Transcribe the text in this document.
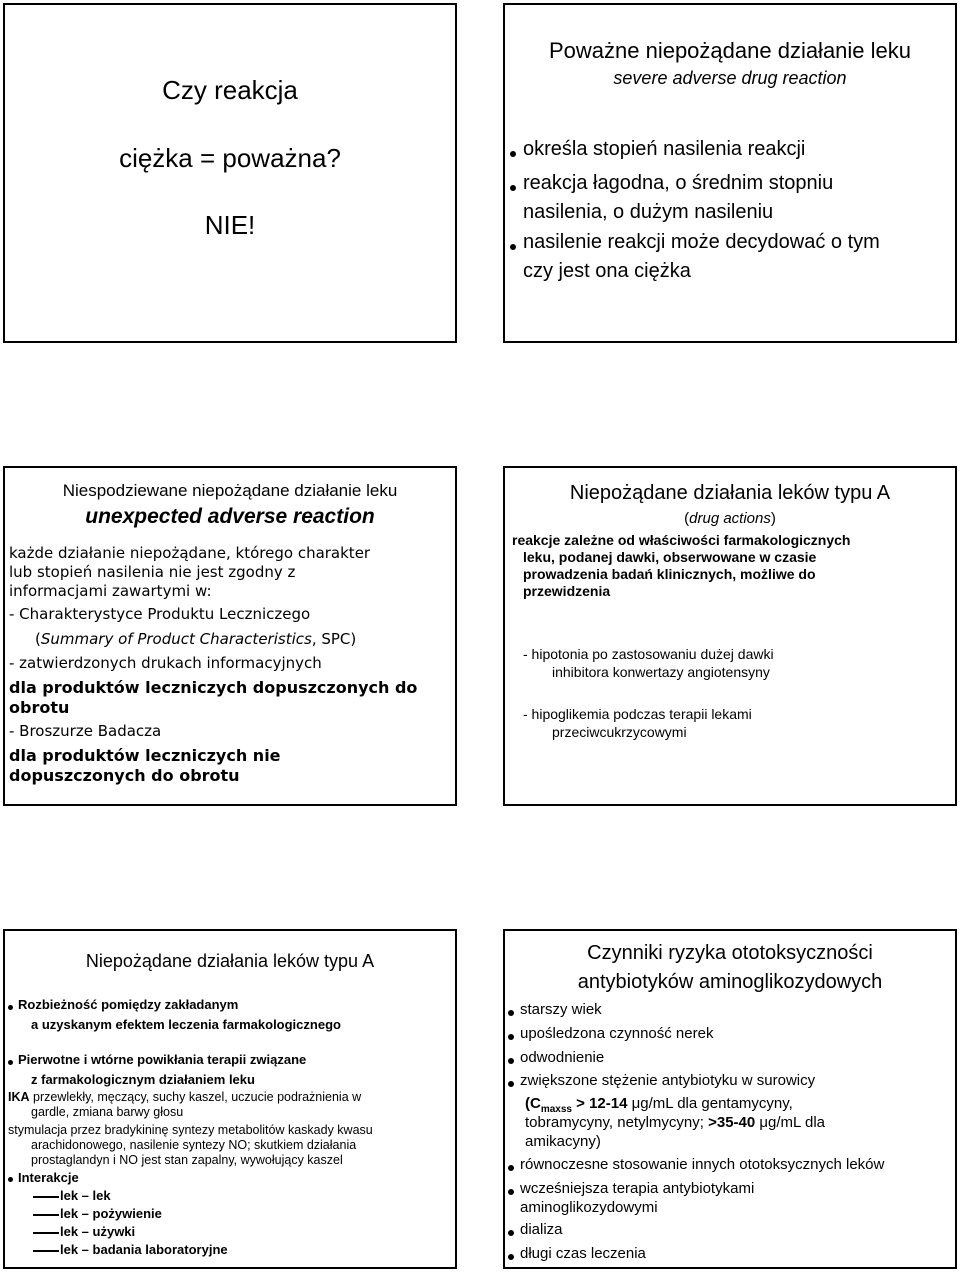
Czy reakcja
ciężka = poważna?
NIE!
Poważne niepożądane działanie leku
severe adverse drug reaction
określa stopień nasilenia reakcji
reakcja łagodna, o średnim stopniu
nasilenia, o dużym nasileniu
nasilenie reakcji może decydować o tym
czy jest ona ciężka
Niespodziewane niepożądane działanie leku
unexpected adverse reaction
każde działanie niepożądane, którego charakter
lub stopień nasilenia nie jest zgodny z
informacjami zawartymi w:
- Charakterystyce Produktu Leczniczego
(Summary of Product Characteristics, SPC)
- zatwierdzonych drukach informacyjnych
dla produktów leczniczych dopuszczonych do
obrotu
- Broszurze Badacza
dla produktów leczniczych nie
dopuszczonych do obrotu
Niepożądane działania leków typu A
(drug actions)
reakcje zależne od właściwości farmakologicznych
leku, podanej dawki, obserwowane w czasie
prowadzenia badań klinicznych, możliwe do
przewidzenia
- hipotonia po zastosowaniu dużej dawki
inhibitora konwertazy angiotensyny
- hipoglikemia podczas terapii lekami
przeciwcukrzycowymi
Niepożądane działania leków typu A
Rozbieżność pomiędzy zakładanym
a uzyskanym efektem leczenia farmakologicznego
Pierwotne i wtórne powikłania terapii związane
z farmakologicznym działaniem leku
IKA przewlekły, męczący, suchy kaszel, uczucie podrażnienia w
gardle, zmiana barwy głosu
stymulacja przez bradykininę syntezy metabolitów kaskady kwasu
arachidonowego, nasilenie syntezy NO; skutkiem działania
prostaglandyn i NO jest stan zapalny, wywołujący kaszel
Interakcje
lek – lek
lek – pożywienie
lek – używki
lek – badania laboratoryjne
Czynniki ryzyka ototoksyczności
antybiotyków aminoglikozydowych
starszy wiek
upośledzona czynność nerek
odwodnienie
zwiększone stężenie antybiotyku w surowicy
($C_{maxss} > 12-14$ μg/mL dla gentamycyny,
tobramycyny, netylmycyny; >35-40 μg/mL dla
amikacyny)
równoczesne stosowanie innych ototoksycznych leków
wcześniejsza terapia antybiotykami
aminoglikozydowymi
dializa
długi czas leczenia
